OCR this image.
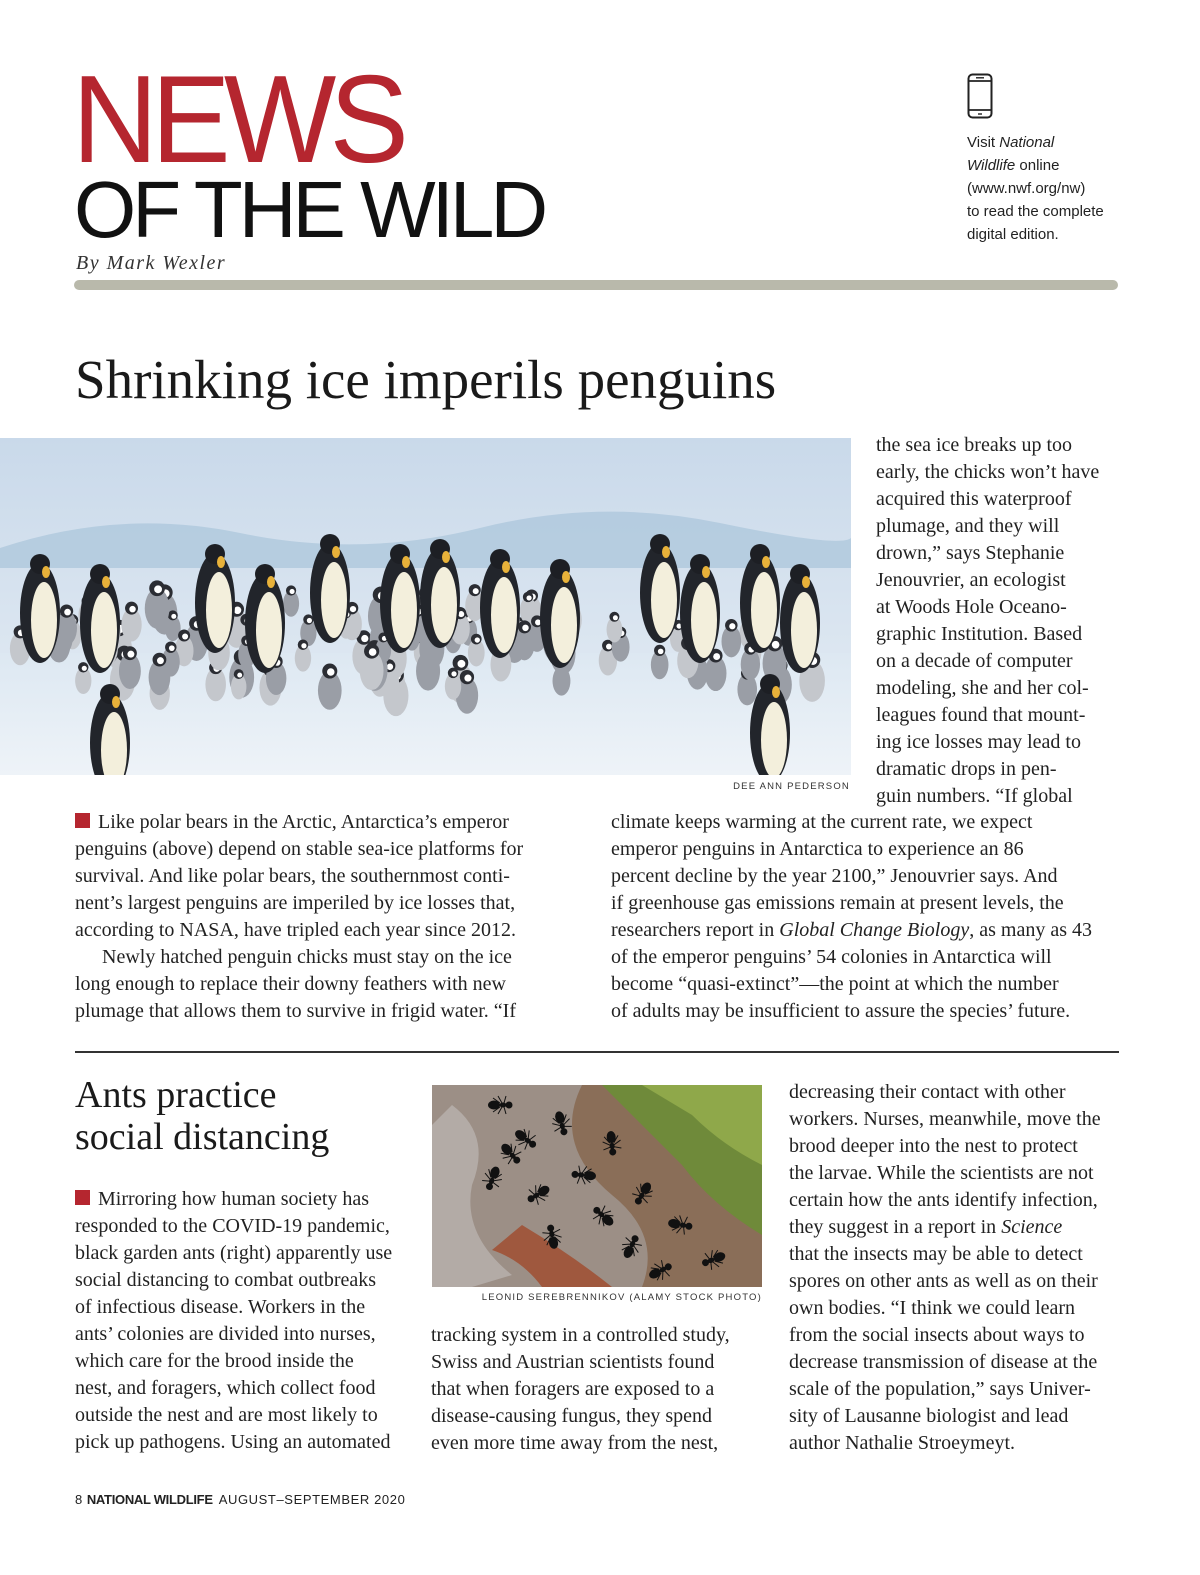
NEWS
OF THE WILD
By Mark Wexler
Visit National
Wildlife online
(www.nwf.org/nw)
to read the complete
digital edition.
Shrinking ice imperils penguins
DEE ANN PEDERSON
the sea ice breaks up too
early, the chicks won’t have
acquired this waterproof
plumage, and they will
drown,” says Stephanie
Jenouvrier, an ecologist
at Woods Hole Oceano-
graphic Institution. Based
on a decade of computer
modeling, she and her col-
leagues found that mount-
ing ice losses may lead to
dramatic drops in pen-
guin numbers. “If global
Like polar bears in the Arctic, Antarctica’s emperor
penguins (above) depend on stable sea-ice platforms for
survival. And like polar bears, the southernmost conti-
nent’s largest penguins are imperiled by ice losses that,
according to NASA, have tripled each year since 2012.
Newly hatched penguin chicks must stay on the ice
long enough to replace their downy feathers with new
plumage that allows them to survive in frigid water. “If
climate keeps warming at the current rate, we expect
emperor penguins in Antarctica to experience an 86
percent decline by the year 2100,” Jenouvrier says. And
if greenhouse gas emissions remain at present levels, the
researchers report in Global Change Biology, as many as 43
of the emperor penguins’ 54 colonies in Antarctica will
become “quasi-extinct”—the point at which the number
of adults may be insufficient to assure the species’ future.
Ants practice
social distancing
LEONID SEREBRENNIKOV (ALAMY STOCK PHOTO)
Mirroring how human society has
responded to the COVID-19 pandemic,
black garden ants (right) apparently use
social distancing to combat outbreaks
of infectious disease. Workers in the
ants’ colonies are divided into nurses,
which care for the brood inside the
nest, and foragers, which collect food
outside the nest and are most likely to
pick up pathogens. Using an automated
tracking system in a controlled study,
Swiss and Austrian scientists found
that when foragers are exposed to a
disease-causing fungus, they spend
even more time away from the nest,
decreasing their contact with other
workers. Nurses, meanwhile, move the
brood deeper into the nest to protect
the larvae. While the scientists are not
certain how the ants identify infection,
they suggest in a report in Science
that the insects may be able to detect
spores on other ants as well as on their
own bodies. “I think we could learn
from the social insects about ways to
decrease transmission of disease at the
scale of the population,” says Univer-
sity of Lausanne biologist and lead
author Nathalie Stroeymeyt.
8 NATIONAL WILDLIFE AUGUST–SEPTEMBER 2020
